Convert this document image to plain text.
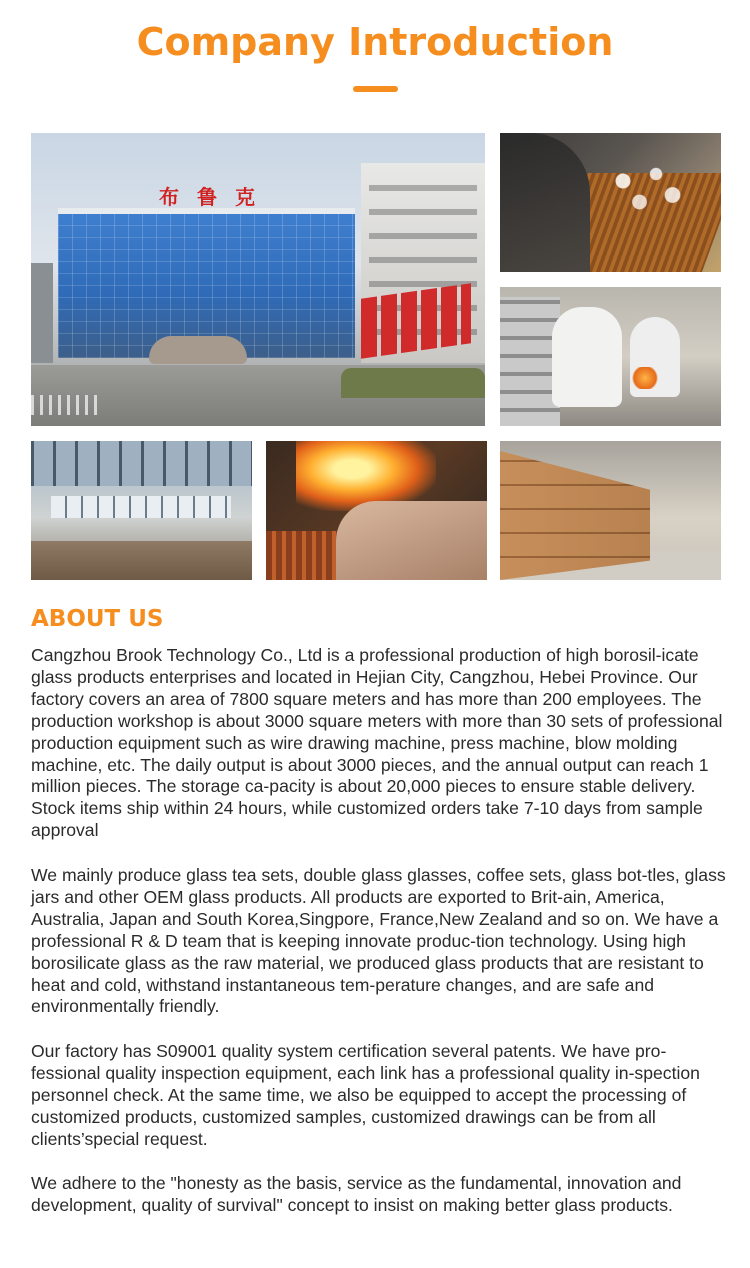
Company Introduction
布鲁克
ABOUT US

Cangzhou Brook Technology Co., Ltd is a professional production of high borosil-icate glass products enterprises and located in Hejian City, Cangzhou, Hebei Province. Our factory covers an area of 7800 square meters and has more than 200 employees. The production workshop is about 3000 square meters with more than 30 sets of professional production equipment such as wire drawing machine, press machine, blow molding machine, etc. The daily output is about 3000 pieces, and the annual output can reach 1 million pieces. The storage ca-pacity is about 20,000 pieces to ensure stable delivery. Stock items ship within 24 hours, while customized orders take 7-10 days from sample approval

We mainly produce glass tea sets, double glass glasses, coffee sets, glass bot-tles, glass jars and other OEM glass products. All products are exported to Brit-ain, America, Australia, Japan and South Korea,Singpore, France,New Zealand and so on. We have a professional R & D team that is keeping innovate produc-tion technology. Using high borosilicate glass as the raw material, we produced glass products that are resistant to heat and cold, withstand instantaneous tem-perature changes, and are safe and environmentally friendly.

Our factory has S09001 quality system certification several patents. We have pro-fessional quality inspection equipment, each link has a professional quality in-spection personnel check. At the same time, we also be equipped to accept the processing of customized products, customized samples, customized drawings can be from all clients’special request.

We adhere to the "honesty as the basis, service as the fundamental, innovation and development, quality of survival" concept to insist on making better glass products.
